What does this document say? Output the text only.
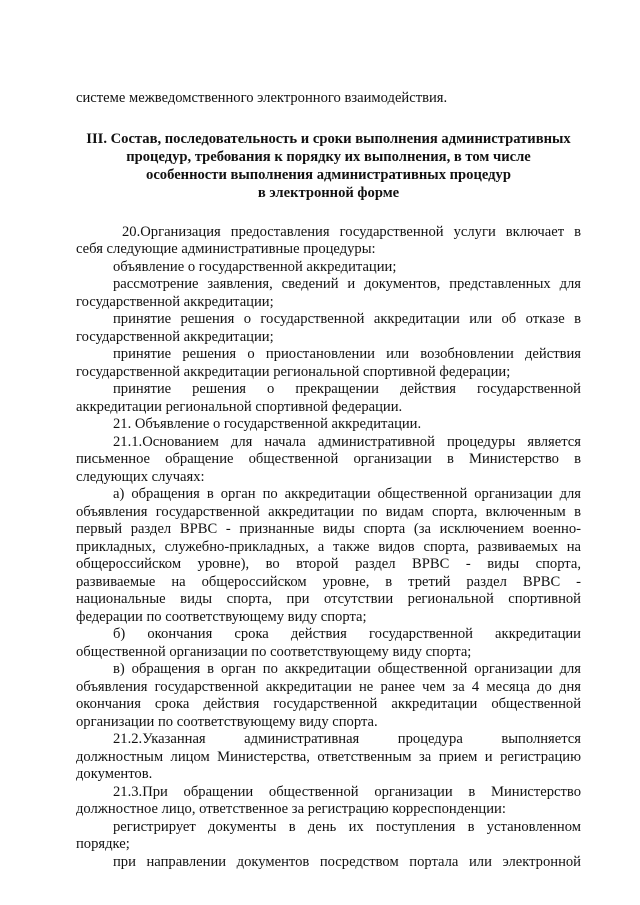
системе межведомственного электронного взаимодействия.
III. Состав, последовательность и сроки выполнения административных
процедур, требования к порядку их выполнения, в том числе
особенности выполнения административных процедур
в электронной форме
20.Организация предоставления государственной услуги включает в
себя следующие административные процедуры:
объявление о государственной аккредитации;
рассмотрение заявления, сведений и документов, представленных для
государственной аккредитации;
принятие решения о государственной аккредитации или об отказе в
государственной аккредитации;
принятие решения о приостановлении или возобновлении действия
государственной аккредитации региональной спортивной федерации;
принятие решения о прекращении действия государственной
аккредитации региональной спортивной федерации.
21. Объявление о государственной аккредитации.
21.1.Основанием для начала административной процедуры является
письменное обращение общественной организации в Министерство в
следующих случаях:
а) обращения в орган по аккредитации общественной организации для
объявления государственной аккредитации по видам спорта, включенным в
первый раздел ВРВС - признанные виды спорта (за исключением военно-
прикладных, служебно-прикладных, а также видов спорта, развиваемых на
общероссийском уровне), во второй раздел ВРВС - виды спорта,
развиваемые на общероссийском уровне, в третий раздел ВРВС -
национальные виды спорта, при отсутствии региональной спортивной
федерации по соответствующему виду спорта;
б) окончания срока действия государственной аккредитации
общественной организации по соответствующему виду спорта;
в) обращения в орган по аккредитации общественной организации для
объявления государственной аккредитации не ранее чем за 4 месяца до дня
окончания срока действия государственной аккредитации общественной
организации по соответствующему виду спорта.
21.2.Указанная административная процедура выполняется
должностным лицом Министерства, ответственным за прием и регистрацию
документов.
21.3.При обращении общественной организации в Министерство
должностное лицо, ответственное за регистрацию корреспонденции:
регистрирует документы в день их поступления в установленном
порядке;
при направлении документов посредством портала или электронной
